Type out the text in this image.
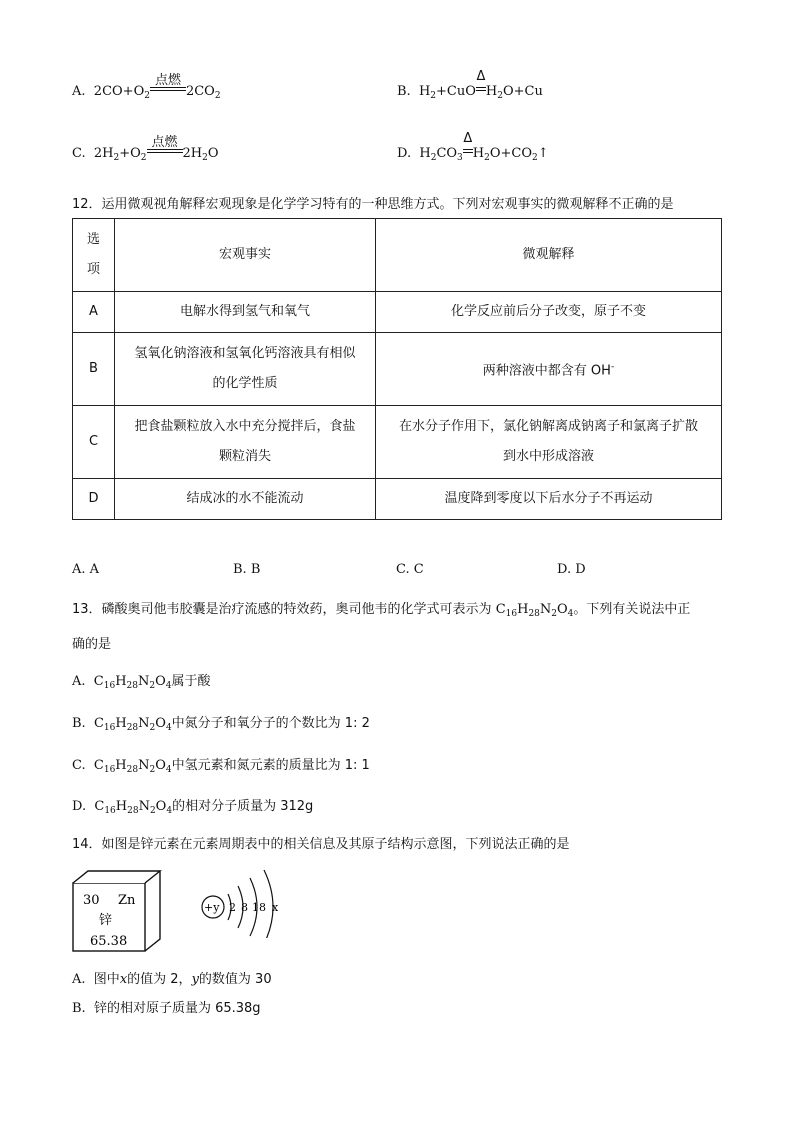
A. $2CO+O_2$
点燃
$2CO_2$	B. $H_2+CuO$
Δ
$H_2O+Cu$
C. $2H_2+O_2$
点燃
$2H_2O$	D. $H_2CO_3$
Δ
$H_2O+CO_2↑$
12．运用微观视角解释宏观现象是化学学习特有的一种思维方式。下列对宏观事实的微观解释不正确的是
选
项	宏观事实	微观解释
A	电解水得到氢气和氧气	化学反应前后分子改变，原子不变
B	氢氧化钠溶液和氢氧化钙溶液具有相似
的化学性质	两种溶液中都含有 OH-
C	把食盐颗粒放入水中充分搅拌后，食盐
颗粒消失	在水分子作用下，氯化钠解离成钠离子和氯离子扩散
到水中形成溶液
D	结成冰的水不能流动	温度降到零度以下后水分子不再运动
A. A	B. B	C. C	D. D
13．磷酸奥司他韦胶囊是治疗流感的特效药，奥司他韦的化学式可表示为 $C_{16}H_{28}N_2O_4$。下列有关说法中正
确的是
A. $C_{16}H_{28}N_2O_4$属于酸
B. $C_{16}H_{28}N_2O_4$中氮分子和氧分子的个数比为 1: 2
C. $C_{16}H_{28}N_2O_4$中氢元素和氮元素的质量比为 1: 1
D. $C_{16}H_{28}N_2O_4$的相对分子质量为 312g
14．如图是锌元素在元素周期表中的相关信息及其原子结构示意图，下列说法正确的是
30 Zn
锌
65.38
+y 2 8 18 x
A. 图中x的值为 2，y的数值为 30
B. 锌的相对原子质量为 65.38g
